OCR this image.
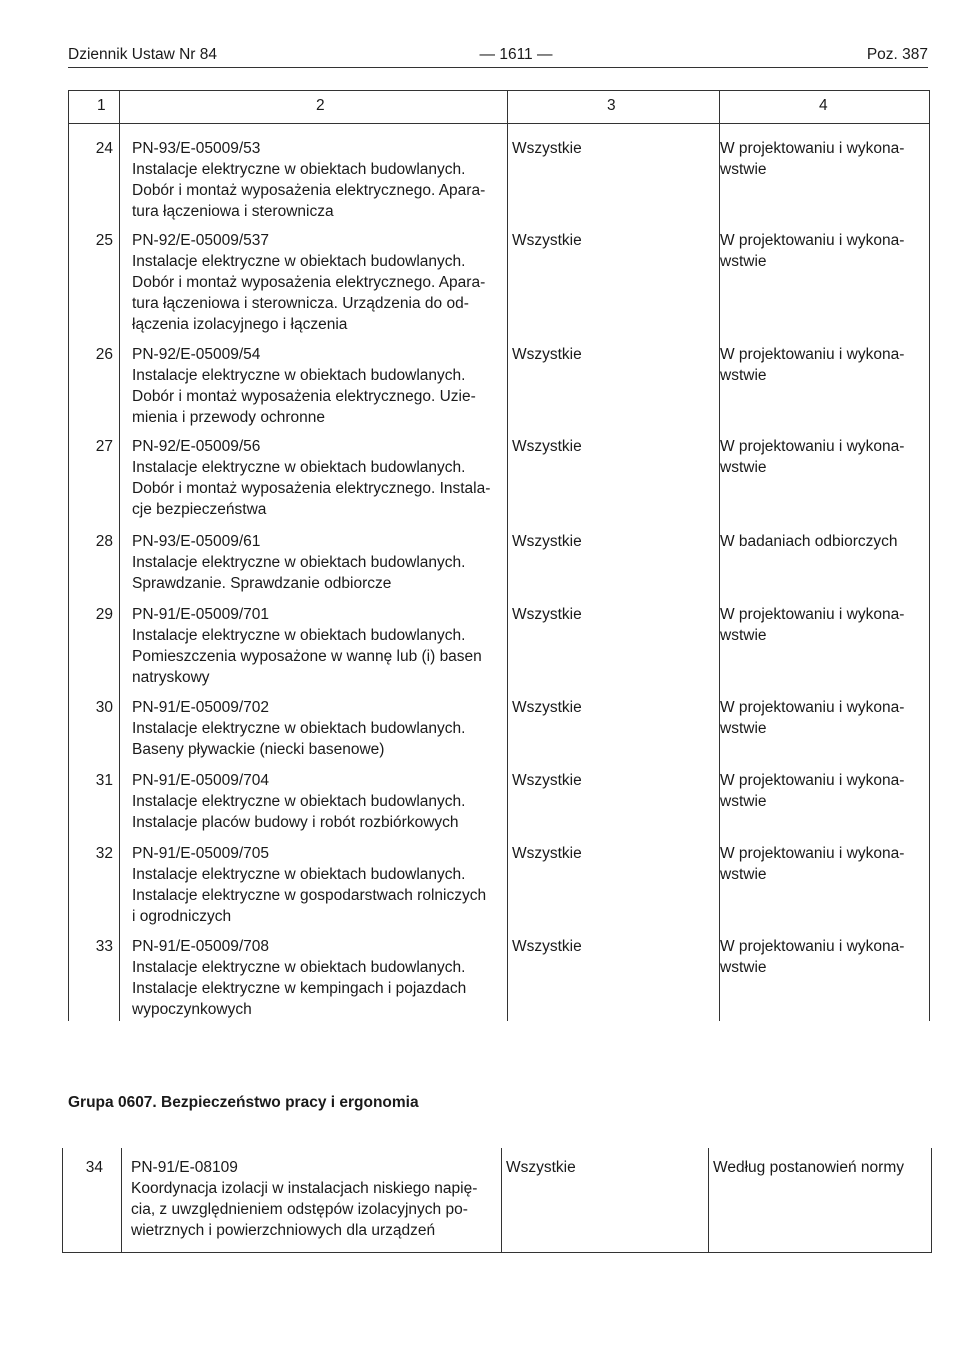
Dziennik Ustaw Nr 84	— 1611 —	Poz. 387
1	2	3	4
24 PN-93/E-05009/53
Instalacje elektryczne w obiektach budowlanych.
Dobór i montaż wyposażenia elektrycznego. Apara-
tura łączeniowa i sterownicza
Wszystkie	W projektowaniu i wykona-
wstwie
25 PN-92/E-05009/537
Instalacje elektryczne w obiektach budowlanych.
Dobór i montaż wyposażenia elektrycznego. Apara-
tura łączeniowa i sterownicza. Urządzenia do od-
łączenia izolacyjnego i łączenia
Wszystkie	W projektowaniu i wykona-
wstwie
26 PN-92/E-05009/54
Instalacje elektryczne w obiektach budowlanych.
Dobór i montaż wyposażenia elektrycznego. Uzie-
mienia i przewody ochronne
Wszystkie	W projektowaniu i wykona-
wstwie
27 PN-92/E-05009/56
Instalacje elektryczne w obiektach budowlanych.
Dobór i montaż wyposażenia elektrycznego. Instala-
cje bezpieczeństwa
Wszystkie	W projektowaniu i wykona-
wstwie
28 PN-93/E-05009/61
Instalacje elektryczne w obiektach budowlanych.
Sprawdzanie. Sprawdzanie odbiorcze
Wszystkie	W badaniach odbiorczych
29 PN-91/E-05009/701
Instalacje elektryczne w obiektach budowlanych.
Pomieszczenia wyposażone w wannę lub (i) basen
natryskowy
Wszystkie	W projektowaniu i wykona-
wstwie
30 PN-91/E-05009/702
Instalacje elektryczne w obiektach budowlanych.
Baseny pływackie (niecki basenowe)
Wszystkie	W projektowaniu i wykona-
wstwie
31 PN-91/E-05009/704
Instalacje elektryczne w obiektach budowlanych.
Instalacje placów budowy i robót rozbiórkowych
Wszystkie	W projektowaniu i wykona-
wstwie
32 PN-91/E-05009/705
Instalacje elektryczne w obiektach budowlanych.
Instalacje elektryczne w gospodarstwach rolniczych
i ogrodniczych
Wszystkie	W projektowaniu i wykona-
wstwie
33 PN-91/E-05009/708
Instalacje elektryczne w obiektach budowlanych.
Instalacje elektryczne w kempingach i pojazdach
wypoczynkowych
Wszystkie	W projektowaniu i wykona-
wstwie
Grupa 0607. Bezpieczeństwo pracy i ergonomia
34 PN-91/E-08109
Koordynacja izolacji w instalacjach niskiego napię-
cia, z uwzględnieniem odstępów izolacyjnych po-
wietrznych i powierzchniowych dla urządzeń
Wszystkie	Według postanowień normy
